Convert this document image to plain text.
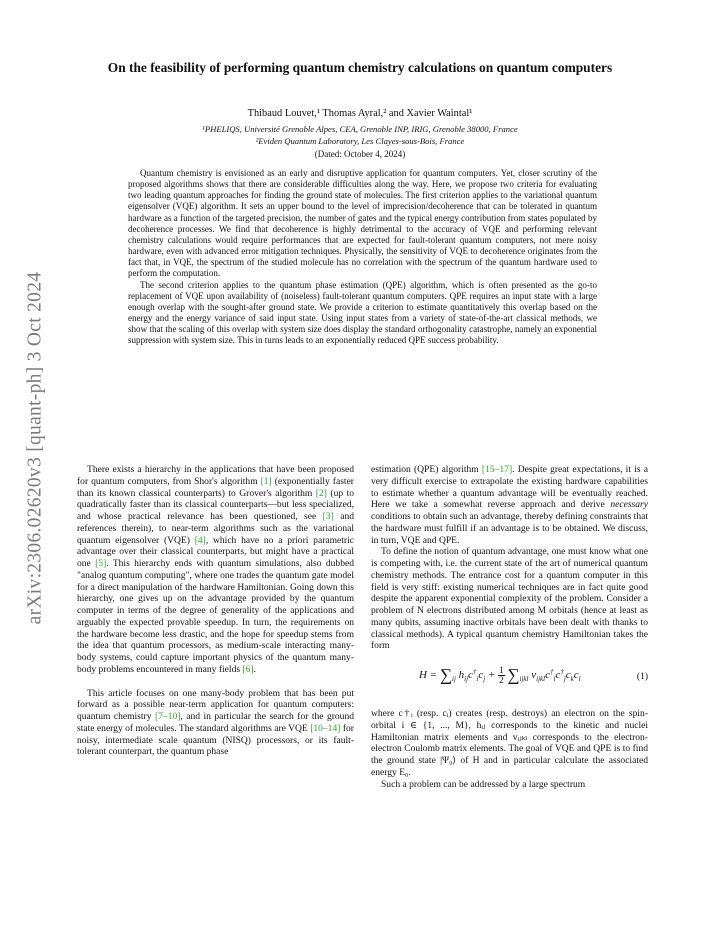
arXiv:2306.02620v3 [quant-ph] 3 Oct 2024
On the feasibility of performing quantum chemistry calculations on quantum computers
Thibaud Louvet,¹ Thomas Ayral,² and Xavier Waintal¹
¹PHELIQS, Université Grenoble Alpes, CEA, Grenoble INP, IRIG, Grenoble 38000, France
²Eviden Quantum Laboratory, Les Clayes-sous-Bois, France
(Dated: October 4, 2024)

Quantum chemistry is envisioned as an early and disruptive application for quantum computers. Yet, closer scrutiny of the proposed algorithms shows that there are considerable difficulties along the way. Here, we propose two criteria for evaluating two leading quantum approaches for finding the ground state of molecules. The first criterion applies to the variational quantum eigensolver (VQE) algorithm. It sets an upper bound to the level of imprecision/decoherence that can be tolerated in quantum hardware as a function of the targeted precision, the number of gates and the typical energy contribution from states populated by decoherence processes. We find that decoherence is highly detrimental to the accuracy of VQE and performing relevant chemistry calculations would require performances that are expected for fault-tolerant quantum computers, not mere noisy hardware, even with advanced error mitigation techniques. Physically, the sensitivity of VQE to decoherence originates from the fact that, in VQE, the spectrum of the studied molecule has no correlation with the spectrum of the quantum hardware used to perform the computation.

The second criterion applies to the quantum phase estimation (QPE) algorithm, which is often presented as the go-to replacement of VQE upon availability of (noiseless) fault-tolerant quantum computers. QPE requires an input state with a large enough overlap with the sought-after ground state. We provide a criterion to estimate quantitatively this overlap based on the energy and the energy variance of said input state. Using input states from a variety of state-of-the-art classical methods, we show that the scaling of this overlap with system size does display the standard orthogonality catastrophe, namely an exponential suppression with system size. This in turns leads to an exponentially reduced QPE success probability.

There exists a hierarchy in the applications that have been proposed for quantum computers, from Shor's algorithm [1] (exponentially faster than its known classical counterparts) to Grover's algorithm [2] (up to quadratically faster than its classical counterparts—but less specialized, and whose practical relevance has been questioned, see [3] and references therein), to near-term algorithms such as the variational quantum eigensolver (VQE) [4], which have no a priori parametric advantage over their classical counterparts, but might have a practical one [5]. This hierarchy ends with quantum simulations, also dubbed "analog quantum computing", where one trades the quantum gate model for a direct manipulation of the hardware Hamiltonian. Going down this hierarchy, one gives up on the advantage provided by the quantum computer in terms of the degree of generality of the applications and arguably the expected provable speedup. In turn, the requirements on the hardware become less drastic, and the hope for speedup stems from the idea that quantum processors, as medium-scale interacting many-body systems, could capture important physics of the quantum many-body problems encountered in many fields [6].

This article focuses on one many-body problem that has been put forward as a possible near-term application for quantum computers: quantum chemistry [7–10], and in particular the search for the ground state energy of molecules. The standard algorithms are VQE [10–14] for noisy, intermediate scale quantum (NISQ) processors, or its fault-tolerant counterpart, the quantum phase

estimation (QPE) algorithm [15–17]. Despite great expectations, it is a very difficult exercise to extrapolate the existing hardware capabilities to estimate whether a quantum advantage will be eventually reached. Here we take a somewhat reverse approach and derive necessary conditions to obtain such an advantage, thereby defining constraints that the hardware must fulfill if an advantage is to be obtained. We discuss, in turn, VQE and QPE.

To define the notion of quantum advantage, one must know what one is competing with, i.e. the current state of the art of numerical quantum chemistry methods. The entrance cost for a quantum computer in this field is very stiff: existing numerical techniques are in fact quite good despite the apparent exponential complexity of the problem. Consider a problem of N electrons distributed among M orbitals (hence at least as many qubits, assuming inactive orbitals have been dealt with thanks to classical methods). A typical quantum chemistry Hamiltonian takes the form

$H = \sum_{ij}$ $h_{ij}c^\dagger_ic_j + \frac{1}{2} \sum_{ijkl}$ $v_{ijkl}c^\dagger_ic^\dagger_jc_kc_l$	(1)

where c†ᵢ (resp. cᵢ) creates (resp. destroys) an electron on the spin-orbital i ∈ {1, ..., M}, hᵢⱼ corresponds to the kinetic and nuclei Hamiltonian matrix elements and vᵢⱼₖₗ corresponds to the electron-electron Coulomb matrix elements. The goal of VQE and QPE is to find the ground state |Ψ₀⟩ of H and in particular calculate the associated energy E₀.

Such a problem can be addressed by a large spectrum
